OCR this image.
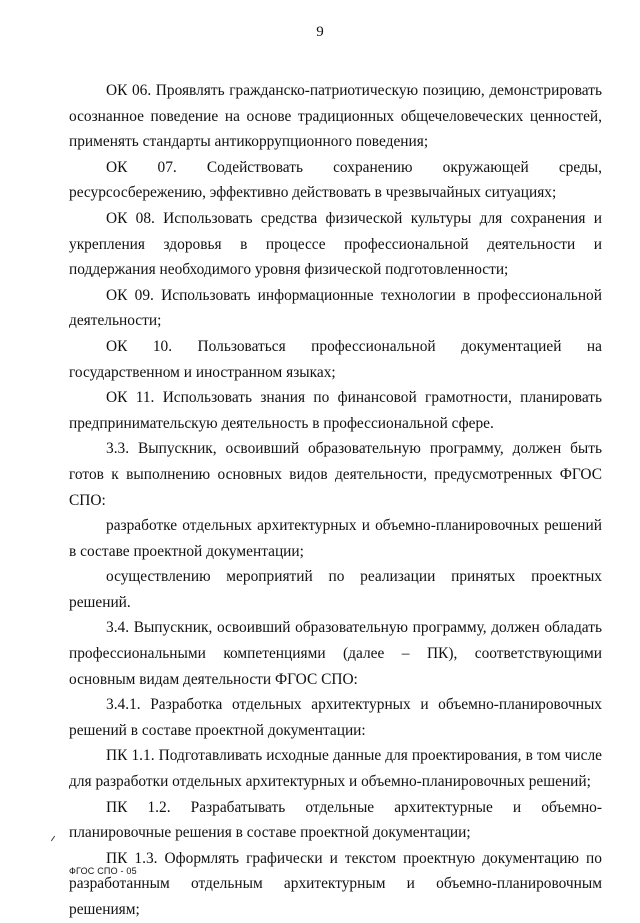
9

ОК 06. Проявлять гражданско-патриотическую позицию, демонстрировать осознанное поведение на основе традиционных общечеловеческих ценностей, применять стандарты антикоррупционного поведения;

ОК 07. Содействовать сохранению окружающей среды, ресурсосбережению, эффективно действовать в чрезвычайных ситуациях;

ОК 08. Использовать средства физической культуры для сохранения и укрепления здоровья в процессе профессиональной деятельности и поддержания необходимого уровня физической подготовленности;

ОК 09. Использовать информационные технологии в профессиональной деятельности;

ОК 10. Пользоваться профессиональной документацией на государственном и иностранном языках;

ОК 11. Использовать знания по финансовой грамотности, планировать предпринимательскую деятельность в профессиональной сфере.

3.3. Выпускник, освоивший образовательную программу, должен быть готов к выполнению основных видов деятельности, предусмотренных ФГОС СПО:

разработке отдельных архитектурных и объемно-планировочных решений в составе проектной документации;

осуществлению мероприятий по реализации принятых проектных решений.

3.4. Выпускник, освоивший образовательную программу, должен обладать профессиональными компетенциями (далее – ПК), соответствующими основным видам деятельности ФГОС СПО:

3.4.1. Разработка отдельных архитектурных и объемно-планировочных решений в составе проектной документации:

ПК 1.1. Подготавливать исходные данные для проектирования, в том числе для разработки отдельных архитектурных и объемно-планировочных решений;

ПК 1.2. Разрабатывать отдельные архитектурные и объемно-планировочные решения в составе проектной документации;

ПК 1.3. Оформлять графически и текстом проектную документацию по разработанным отдельным архитектурным и объемно-планировочным решениям;

ФГОС СПО - 05
